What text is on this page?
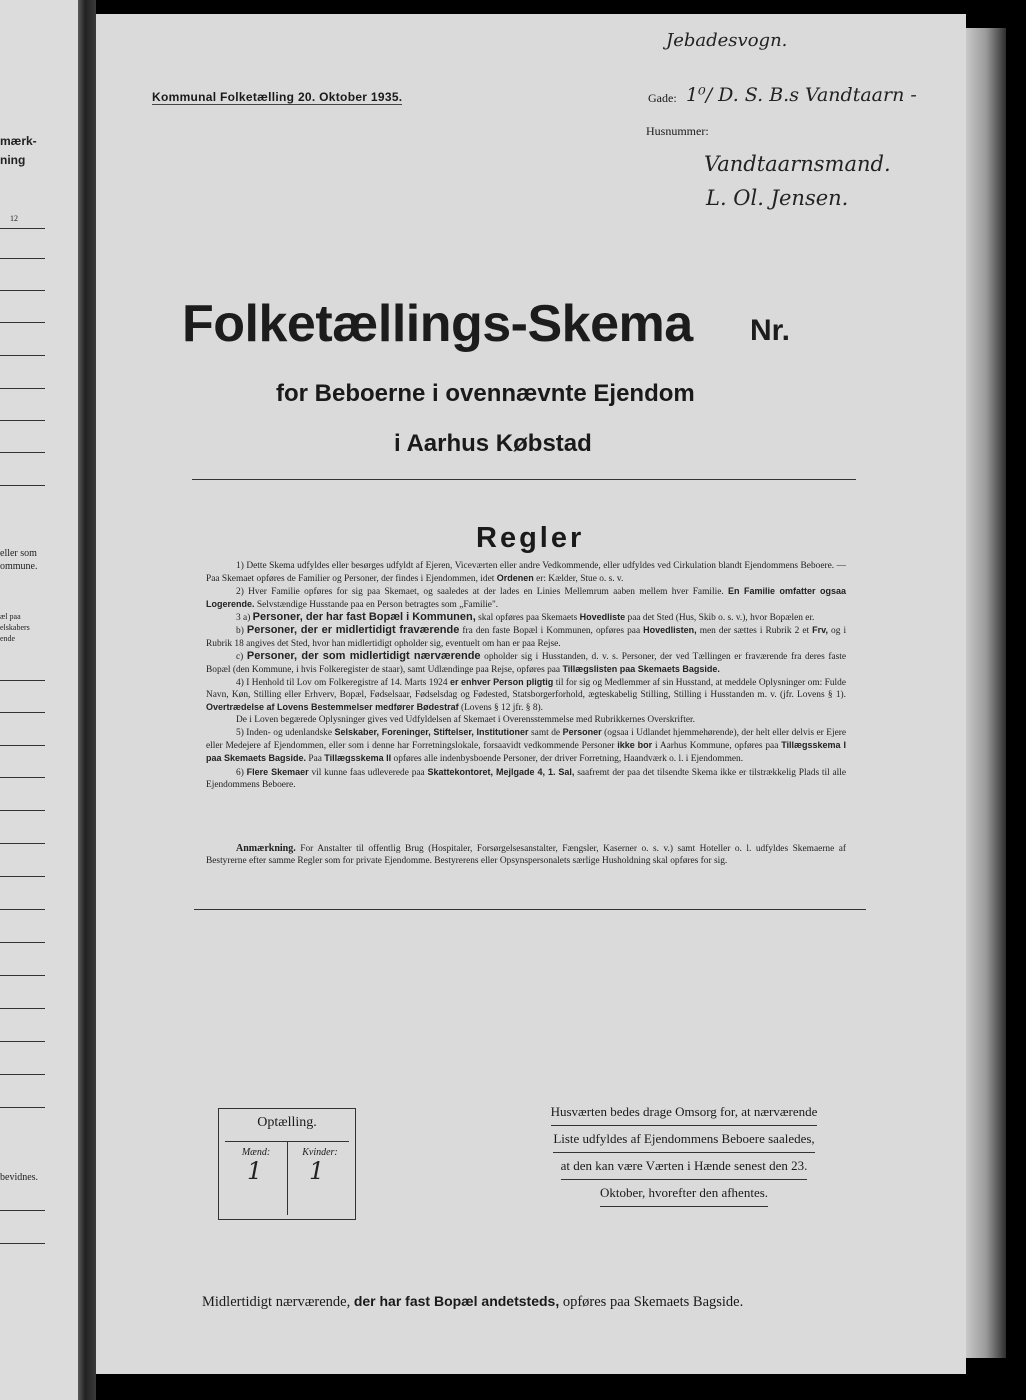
mærk-
ning
12
eller som
ommune.
æl paa
elskabers
ende
bevidnes.
Kommunal Folketælling 20. Oktober 1935.
Jebadesvogn.
Gade: 1⁰/ D. S. B.s Vandtaarn -
Husnummer:
Vandtaarnsmand.
L. Ol. Jensen.
Folketællings-Skema Nr.
for Beboerne i ovennævnte Ejendom
i Aarhus Købstad
Regler

1) Dette Skema udfyldes eller besørges udfyldt af Ejeren, Viceværten eller andre Vedkommende, eller udfyldes ved Cirkulation blandt Ejendommens Beboere. — Paa Skemaet opføres de Familier og Personer, der findes i Ejendommen, idet Ordenen er: Kælder, Stue o. s. v.

2) Hver Familie opføres for sig paa Skemaet, og saaledes at der lades en Linies Mellemrum aaben mellem hver Familie. En Familie omfatter ogsaa Logerende. Selvstændige Husstande paa en Person betragtes som „Familie".

3 a) Personer, der har fast Bopæl i Kommunen, skal opføres paa Skemaets Hovedliste paa det Sted (Hus, Skib o. s. v.), hvor Bopælen er.

b) Personer, der er midlertidigt fraværende fra den faste Bopæl i Kommunen, opføres paa Hovedlisten, men der sættes i Rubrik 2 et Frv, og i Rubrik 18 angives det Sted, hvor han midlertidigt opholder sig, eventuelt om han er paa Rejse.

c) Personer, der som midlertidigt nærværende opholder sig i Husstanden, d. v. s. Personer, der ved Tællingen er fraværende fra deres faste Bopæl (den Kommune, i hvis Folkeregister de staar), samt Udlændinge paa Rejse, opføres paa Tillægslisten paa Skemaets Bagside.

4) I Henhold til Lov om Folkeregistre af 14. Marts 1924 er enhver Person pligtig til for sig og Medlemmer af sin Husstand, at meddele Oplysninger om: Fulde Navn, Køn, Stilling eller Erhverv, Bopæl, Fødselsaar, Fødselsdag og Fødested, Statsborgerforhold, ægteskabelig Stilling, Stilling i Husstanden m. v. (jfr. Lovens § 1). Overtrædelse af Lovens Bestemmelser medfører Bødestraf (Lovens § 12 jfr. § 8).

De i Loven begærede Oplysninger gives ved Udfyldelsen af Skemaet i Overensstemmelse med Rubrikkernes Overskrifter.

5) Inden- og udenlandske Selskaber, Foreninger, Stiftelser, Institutioner samt de Personer (ogsaa i Udlandet hjemmehørende), der helt eller delvis er Ejere eller Medejere af Ejendommen, eller som i denne har Forretningslokale, forsaavidt vedkommende Personer ikke bor i Aarhus Kommune, opføres paa Tillægsskema I paa Skemaets Bagside. Paa Tillægsskema II opføres alle indenbysboende Personer, der driver Forretning, Haandværk o. l. i Ejendommen.

6) Flere Skemaer vil kunne faas udleverede paa Skattekontoret, Mejlgade 4, 1. Sal, saafremt der paa det tilsendte Skema ikke er tilstrækkelig Plads til alle Ejendommens Beboere.

Anmærkning. For Anstalter til offentlig Brug (Hospitaler, Forsørgelsesanstalter, Fængsler, Kaserner o. s. v.) samt Hoteller o. l. udfyldes Skemaerne af Bestyrerne efter samme Regler som for private Ejendomme. Bestyrerens eller Opsynspersonalets særlige Husholdning skal opføres for sig.

Optælling.
Mænd:	Kvinder:
1 1
Husværten bedes drage Omsorg for, at nærværende
Liste udfyldes af Ejendommens Beboere saaledes,
at den kan være Værten i Hænde senest den 23.
Oktober, hvorefter den afhentes.
Midlertidigt nærværende, der har fast Bopæl andetsteds, opføres paa Skemaets Bagside.
